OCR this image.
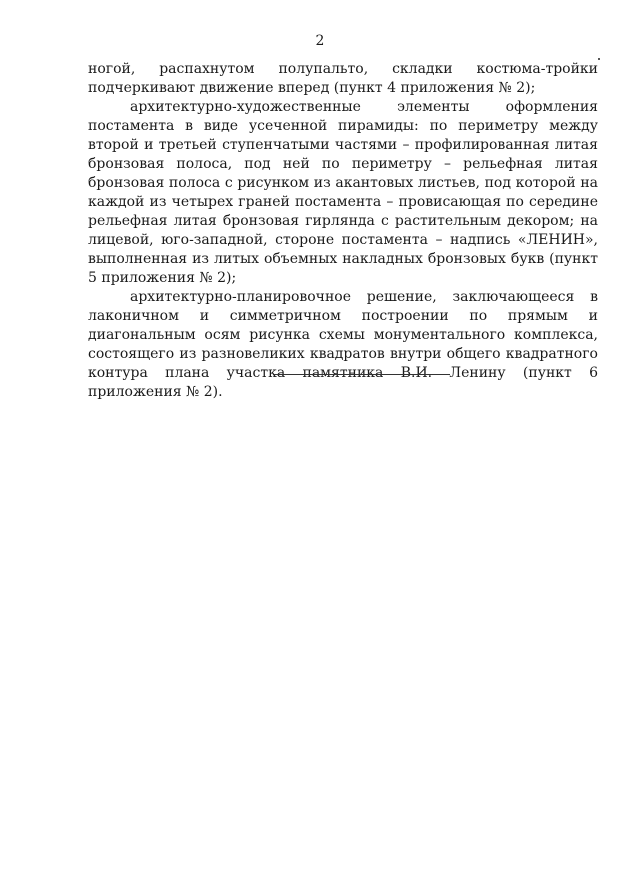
2

ногой, распахнутом полупальто, складки костюма-тройки подчеркивают движение вперед (пункт 4 приложения № 2);

архитектурно-художественные элементы оформления постамента в виде усеченной пирамиды: по периметру между второй и третьей ступенчатыми частями – профилированная литая бронзовая полоса, под ней по периметру – рельефная литая бронзовая полоса с рисунком из акантовых листьев, под которой на каждой из четырех граней постамента – провисающая по середине рельефная литая бронзовая гирлянда с растительным декором; на лицевой, юго-западной, стороне постамента – надпись «ЛЕНИН», выполненная из литых объемных накладных бронзовых букв (пункт 5 приложения № 2);

архитектурно-планировочное решение, заключающееся в лаконичном и симметричном построении по прямым и диагональным осям рисунка схемы монументального комплекса, состоящего из разновеликих квадратов внутри общего квадратного контура плана участка памятника В.И. Ленину (пункт 6 приложения № 2).
